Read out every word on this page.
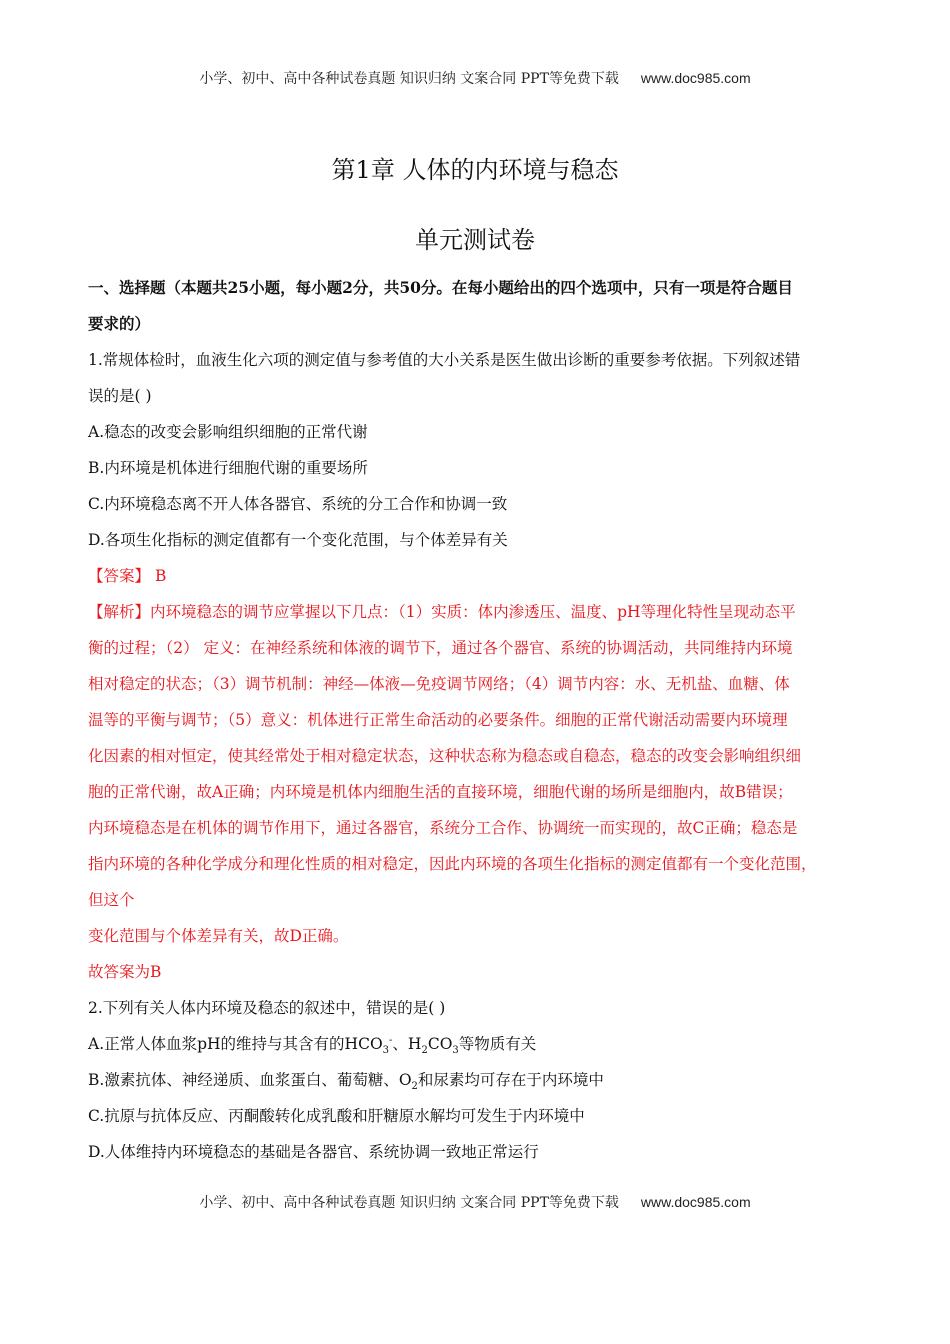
小学、初中、高中各种试卷真题 知识归纳 文案合同 PPT等免费下载 www.doc985.com
第1章 人体的内环境与稳态
单元测试卷
一、选择题（本题共25小题，每小题2分，共50分。在每小题给出的四个选项中，只有一项是符合题目
要求的）
1.常规体检时，血液生化六项的测定值与参考值的大小关系是医生做出诊断的重要参考依据。下列叙述错
误的是( )
A.稳态的改变会影响组织细胞的正常代谢
B.内环境是机体进行细胞代谢的重要场所
C.内环境稳态离不开人体各器官、系统的分工合作和协调一致
D.各项生化指标的测定值都有一个变化范围，与个体差异有关
【答案】 B
【解析】内环境稳态的调节应掌握以下几点：（1）实质：体内渗透压、温度、pH等理化特性呈现动态平
衡的过程；（2） 定义：在神经系统和体液的调节下，通过各个器官、系统的协调活动，共同维持内环境
相对稳定的状态；（3）调节机制：神经—体液—免疫调节网络；（4）调节内容：水、无机盐、血糖、体
温等的平衡与调节；（5）意义：机体进行正常生命活动的必要条件。细胞的正常代谢活动需要内环境理
化因素的相对恒定，使其经常处于相对稳定状态，这种状态称为稳态或自稳态，稳态的改变会影响组织细
胞的正常代谢，故A正确；内环境是机体内细胞生活的直接环境，细胞代谢的场所是细胞内，故B错误；
内环境稳态是在机体的调节作用下，通过各器官，系统分工合作、协调统一而实现的，故C正确；稳态是
指内环境的各种化学成分和理化性质的相对稳定，因此内环境的各项生化指标的测定值都有一个变化范围，
但这个
变化范围与个体差异有关，故D正确。
故答案为B
2.下列有关人体内环境及稳态的叙述中，错误的是( )
A.正常人体血浆pH的维持与其含有的$HCO_3^-$、$H_2CO_3$等物质有关
B.激素抗体、神经递质、血浆蛋白、葡萄糖、$O_2$和尿素均可存在于内环境中
C.抗原与抗体反应、丙酮酸转化成乳酸和肝糖原水解均可发生于内环境中
D.人体维持内环境稳态的基础是各器官、系统协调一致地正常运行
小学、初中、高中各种试卷真题 知识归纳 文案合同 PPT等免费下载 www.doc985.com
